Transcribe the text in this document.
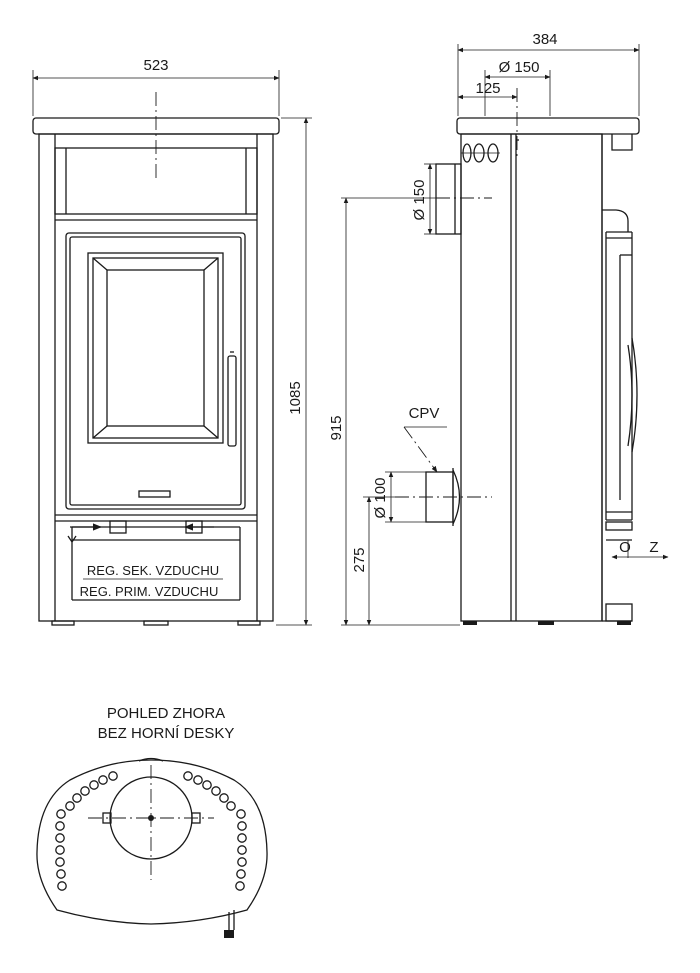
523
REG. SEK. VZDUCHU
REG. PRIM. VZDUCHU
1085
384
Ø 150
125
Ø 150
915
Ø 100
CPV
275	O Z
POHLED ZHORA
BEZ HORNÍ DESKY
